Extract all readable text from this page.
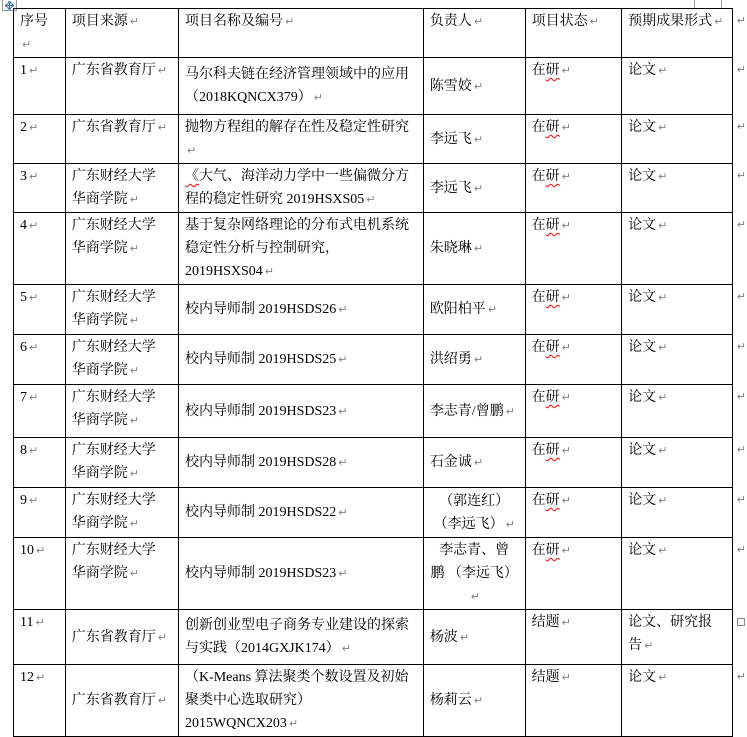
序号↵	项目来源 ↵	项目名称及编号 ↵	负责人 ↵	项目状态 ↵	预期成果形式 ↵	↵
1 ↵	广东省教育厅 ↵	马尔科夫链在经济管理领域中的应用
（2018KQNCX379） ↵	陈雪姣 ↵	在研 ↵	论文 ↵	↵
2 ↵	广东省教育厅 ↵	抛物方程组的解存在性及稳定性研究↵	李远飞 ↵	在研 ↵	论文 ↵	↵
3 ↵	广东财经大学
华商学院 ↵	《大气、海洋动力学中一些偏微分方
程的稳定性研究 2019HSXS05 ↵	李远飞 ↵	在研 ↵	论文 ↵	↵
4 ↵	广东财经大学
华商学院 ↵	基于复杂网络理论的分布式电机系统
稳定性分析与控制研究，2019HSXS04 ↵	朱晓琳 ↵	在研 ↵	论文 ↵	↵
5 ↵	广东财经大学
华商学院 ↵	校内导师制 2019HSDS26 ↵	欧阳柏平 ↵	在研 ↵	论文 ↵	↵
6 ↵	广东财经大学
华商学院 ↵	校内导师制 2019HSDS25 ↵	洪绍勇 ↵	在研 ↵	论文 ↵	↵
7 ↵	广东财经大学
华商学院 ↵	校内导师制 2019HSDS23 ↵	李志青/曾鹏 ↵	在研 ↵	论文 ↵	↵
8 ↵	广东财经大学
华商学院 ↵	校内导师制 2019HSDS28 ↵	石金诚 ↵	在研 ↵	论文 ↵	↵
9 ↵	广东财经大学
华商学院 ↵	校内导师制 2019HSDS22 ↵	（郭连红）
（李远飞） ↵	在研 ↵	论文 ↵	↵
10 ↵	广东财经大学
华商学院 ↵	校内导师制 2019HSDS23 ↵	李志青、曾
鹏 （李远飞）↵	在研 ↵	论文 ↵	↵
11 ↵	广东省教育厅 ↵	创新创业型电子商务专业建设的探索
与实践（2014GXJK174） ↵	杨波 ↵	结题 ↵	论文、研究报告 ↵	
12 ↵	广东省教育厅 ↵	（K-Means 算法聚类个数设置及初始
聚类中心选取研究）2015WQNCX203 ↵	杨莉云 ↵	结题 ↵	论文 ↵	↵
